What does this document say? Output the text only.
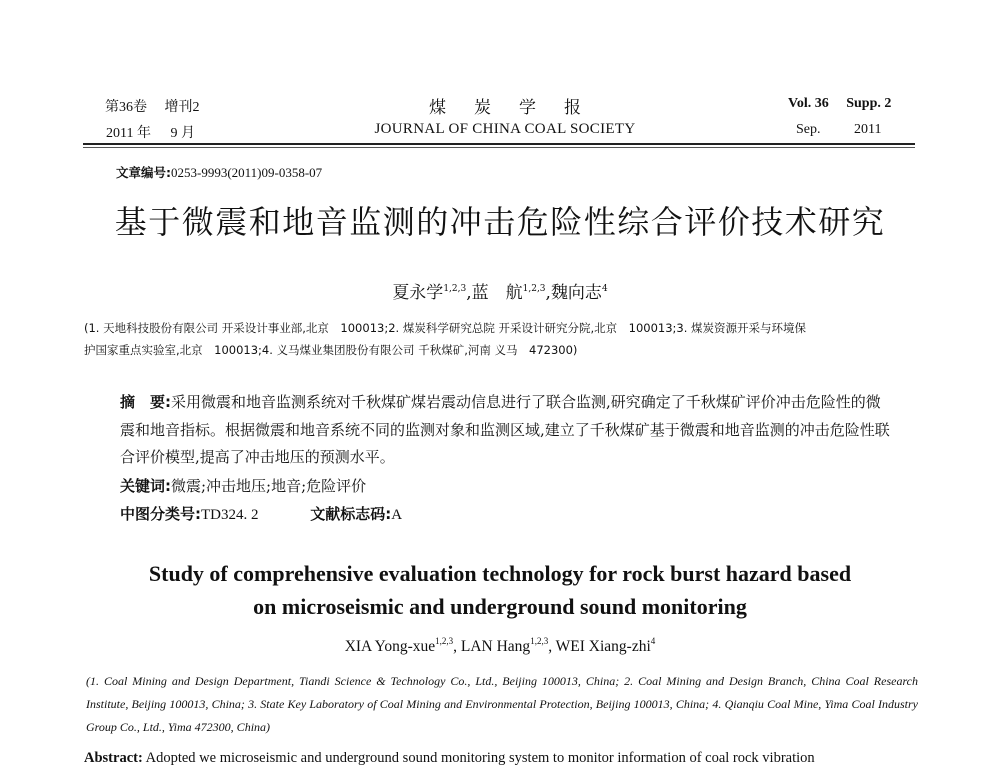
第36卷 增刊2
2011 年 9 月
煤炭学报
JOURNAL OF CHINA COAL SOCIETY
Vol. 36 Supp. 2
Sep. 2011
文章编号:0253-9993(2011)09-0358-07
基于微震和地音监测的冲击危险性综合评价技术研究
夏永学$^{1,2,3}$,蓝　航$^{1,2,3}$,魏向志$^4$
(1. 天地科技股份有限公司 开采设计事业部,北京　100013;2. 煤炭科学研究总院 开采设计研究分院,北京　100013;3. 煤炭资源开采与环境保
护国家重点实验室,北京　100013;4. 义马煤业集团股份有限公司 千秋煤矿,河南 义马　472300)
摘　要:采用微震和地音监测系统对千秋煤矿煤岩震动信息进行了联合监测,研究确定了千秋煤矿评价冲击危险性的微震和地音指标。根据微震和地音系统不同的监测对象和监测区域,建立了千秋煤矿基于微震和地音监测的冲击危险性联合评价模型,提高了冲击地压的预测水平。
关键词:微震;冲击地压;地音;危险评价
中图分类号:TD324. 2	文献标志码:A
Study of comprehensive evaluation technology for rock burst hazard based
on microseismic and underground sound monitoring
XIA Yong-xue$^{1,2,3}$, LAN Hang$^{1,2,3}$, WEI Xiang-zhi$^4$
(1. Coal Mining and Design Department, Tiandi Science & Technology Co., Ltd., Beijing 100013, China; 2. Coal Mining and Design Branch, China Coal Research Institute, Beijing 100013, China; 3. State Key Laboratory of Coal Mining and Environmental Protection, Beijing 100013, China; 4. Qianqiu Coal Mine, Yima Coal Industry Group Co., Ltd., Yima 472300, China)
Abstract: Adopted we microseismic and underground sound monitoring system to monitor information of coal rock vibration
